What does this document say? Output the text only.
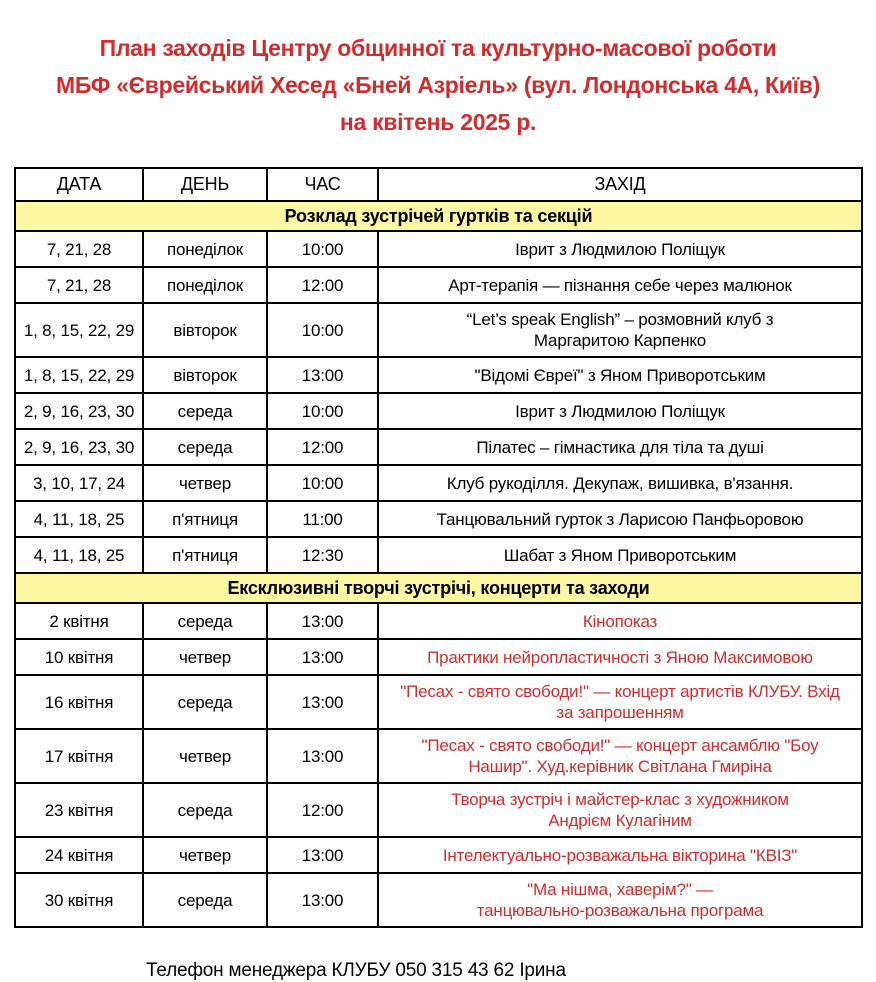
План заходів Центру общинної та культурно-масової роботи
МБФ «Єврейський Хесед «Бней Азріель» (вул. Лондонська 4А, Київ)
на квітень 2025 р.
ДАТА	ДЕНЬ	ЧАС	ЗАХІД
Розклад зустрічей гуртків та секцій			
7, 21, 28	понеділок	10:00	Іврит з Людмилою Поліщук
7, 21, 28	понеділок	12:00	Арт-терапія — пізнання себе через малюнок
1, 8, 15, 22, 29	вівторок	10:00	“Let’s speak English” – розмовний клуб з
Маргаритою Карпенко
1, 8, 15, 22, 29	вівторок	13:00	"Відомі Євреї" з Яном Приворотським
2, 9, 16, 23, 30	середа	10:00	Іврит з Людмилою Поліщук
2, 9, 16, 23, 30	середа	12:00	Пілатес – гімнастика для тіла та душі
3, 10, 17, 24	четвер	10:00	Клуб рукоділля. Декупаж, вишивка, в'язання.
4, 11, 18, 25	п'ятниця	11:00	Танцювальний гурток з Ларисою Панфьоровою
4, 11, 18, 25	п'ятниця	12:30	Шабат з Яном Приворотським
Ексклюзивні творчі зустрічі, концерти та заходи			
2 квітня	середа	13:00	Кінопоказ
10 квітня	четвер	13:00	Практики нейропластичності з Яною Максимовою
16 квітня	середа	13:00	"Песах - свято свободи!" — концерт артистів КЛУБУ. Вхід
за запрошенням
17 квітня	четвер	13:00	"Песах - свято свободи!" — концерт ансамблю "Боу
Нашир". Худ.керівник Світлана Гмиріна
23 квітня	середа	12:00	Творча зустріч і майстер-клас з художником
Андрієм Кулагіним
24 квітня	четвер	13:00	Інтелектуально-розважальна вікторина "КВІЗ"
30 квітня	середа	13:00	"Ма нішма, хаверім?" —
танцювально-розважальна програма
Телефон менеджера КЛУБУ 050 315 43 62 Ірина
